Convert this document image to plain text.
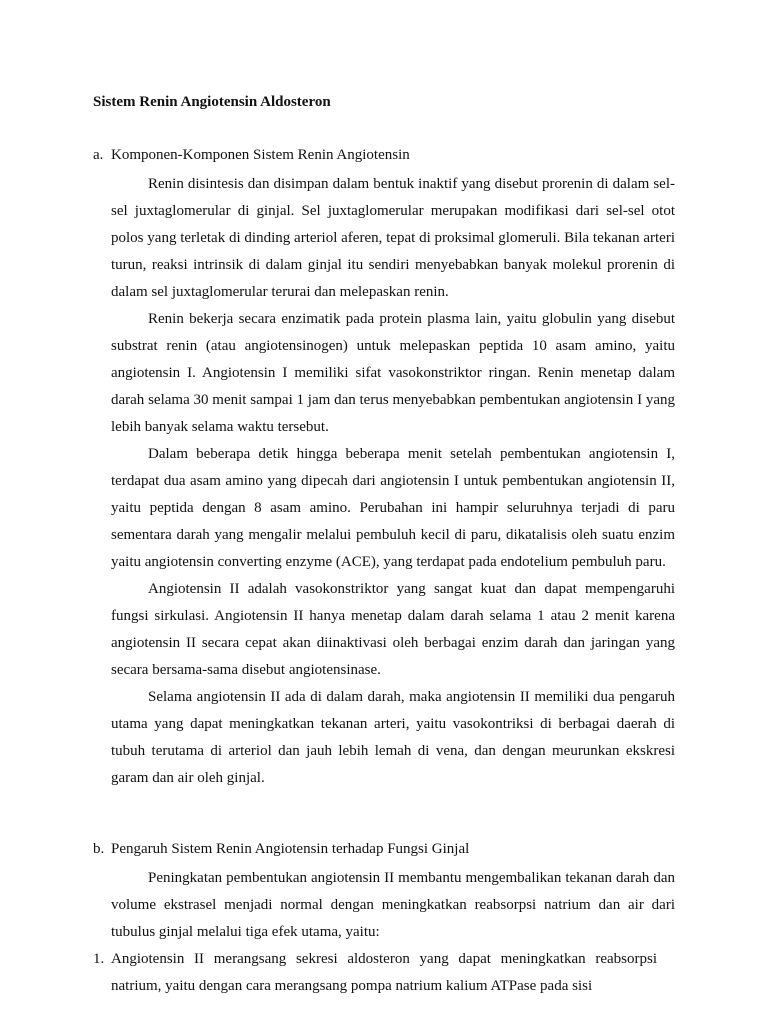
Sistem Renin Angiotensin Aldosteron
a. Komponen-Komponen Sistem Renin Angiotensin

Renin disintesis dan disimpan dalam bentuk inaktif yang disebut prorenin di dalam sel-sel juxtaglomerular di ginjal. Sel juxtaglomerular merupakan modifikasi dari sel-sel otot polos yang terletak di dinding arteriol aferen, tepat di proksimal glomeruli. Bila tekanan arteri turun, reaksi intrinsik di dalam ginjal itu sendiri menyebabkan banyak molekul prorenin di dalam sel juxtaglomerular terurai dan melepaskan renin.

Renin bekerja secara enzimatik pada protein plasma lain, yaitu globulin yang disebut substrat renin (atau angiotensinogen) untuk melepaskan peptida 10 asam amino, yaitu angiotensin I. Angiotensin I memiliki sifat vasokonstriktor ringan. Renin menetap dalam darah selama 30 menit sampai 1 jam dan terus menyebabkan pembentukan angiotensin I yang lebih banyak selama waktu tersebut.

Dalam beberapa detik hingga beberapa menit setelah pembentukan angiotensin I, terdapat dua asam amino yang dipecah dari angiotensin I untuk pembentukan angiotensin II, yaitu peptida dengan 8 asam amino. Perubahan ini hampir seluruhnya terjadi di paru sementara darah yang mengalir melalui pembuluh kecil di paru, dikatalisis oleh suatu enzim yaitu angiotensin converting enzyme (ACE), yang terdapat pada endotelium pembuluh paru.

Angiotensin II adalah vasokonstriktor yang sangat kuat dan dapat mempengaruhi fungsi sirkulasi. Angiotensin II hanya menetap dalam darah selama 1 atau 2 menit karena angiotensin II secara cepat akan diinaktivasi oleh berbagai enzim darah dan jaringan yang secara bersama-sama disebut angiotensinase.

Selama angiotensin II ada di dalam darah, maka angiotensin II memiliki dua pengaruh utama yang dapat meningkatkan tekanan arteri, yaitu vasokontriksi di berbagai daerah di tubuh terutama di arteriol dan jauh lebih lemah di vena, dan dengan meurunkan ekskresi garam dan air oleh ginjal.

b. Pengaruh Sistem Renin Angiotensin terhadap Fungsi Ginjal

Peningkatan pembentukan angiotensin II membantu mengembalikan tekanan darah dan volume ekstrasel menjadi normal dengan meningkatkan reabsorpsi natrium dan air dari tubulus ginjal melalui tiga efek utama, yaitu:

1. Angiotensin II merangsang sekresi aldosteron yang dapat meningkatkan reabsorpsi natrium, yaitu dengan cara merangsang pompa natrium kalium ATPase pada sisi
